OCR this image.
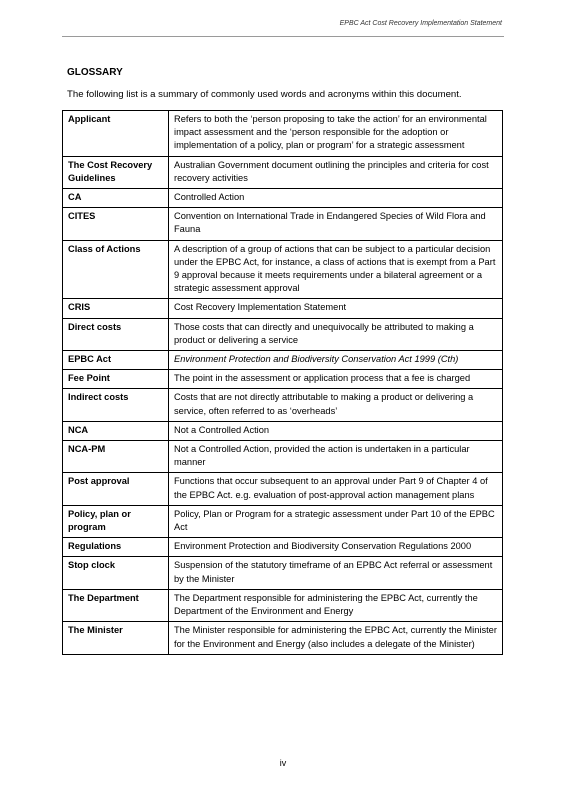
EPBC Act Cost Recovery Implementation Statement
GLOSSARY
The following list is a summary of commonly used words and acronyms within this document.
Applicant	Refers to both the ‘person proposing to take the action’ for an environmental impact assessment and the ‘person responsible for the adoption or implementation of a policy, plan or program’ for a strategic assessment
The Cost Recovery Guidelines	Australian Government document outlining the principles and criteria for cost recovery activities
CA	Controlled Action
CITES	Convention on International Trade in Endangered Species of Wild Flora and Fauna
Class of Actions	A description of a group of actions that can be subject to a particular decision under the EPBC Act, for instance, a class of actions that is exempt from a Part 9 approval because it meets requirements under a bilateral agreement or a strategic assessment approval
CRIS	Cost Recovery Implementation Statement
Direct costs	Those costs that can directly and unequivocally be attributed to making a product or delivering a service
EPBC Act	Environment Protection and Biodiversity Conservation Act 1999 (Cth)
Fee Point	The point in the assessment or application process that a fee is charged
Indirect costs	Costs that are not directly attributable to making a product or delivering a service, often referred to as ‘overheads’
NCA	Not a Controlled Action
NCA-PM	Not a Controlled Action, provided the action is undertaken in a particular manner
Post approval	Functions that occur subsequent to an approval under Part 9 of Chapter 4 of the EPBC Act. e.g. evaluation of post-approval action management plans
Policy, plan or program	Policy, Plan or Program for a strategic assessment under Part 10 of the EPBC Act
Regulations	Environment Protection and Biodiversity Conservation Regulations 2000
Stop clock	Suspension of the statutory timeframe of an EPBC Act referral or assessment by the Minister
The Department	The Department responsible for administering the EPBC Act, currently the Department of the Environment and Energy
The Minister	The Minister responsible for administering the EPBC Act, currently the Minister for the Environment and Energy (also includes a delegate of the Minister)
iv
